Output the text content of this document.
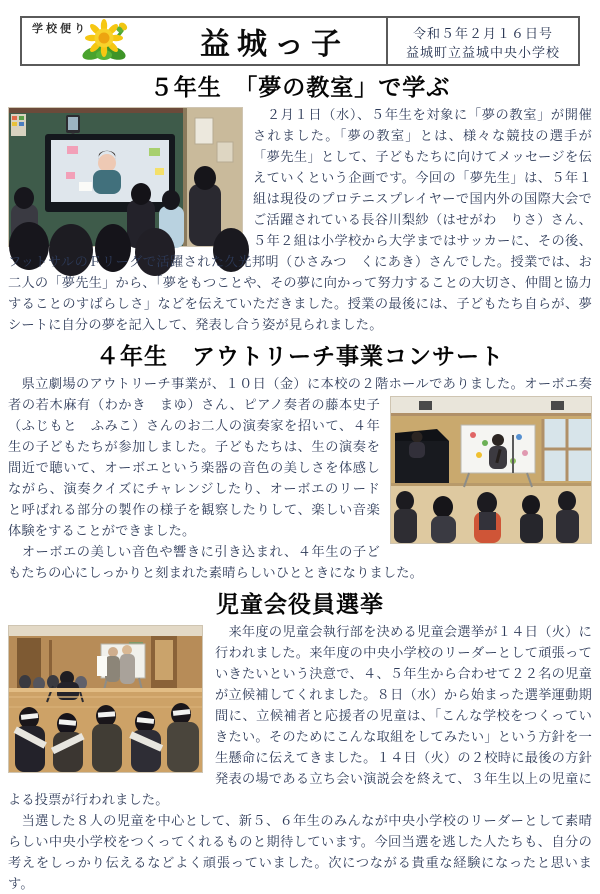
学校便り	益城っ子	令和５年２月１６日号
益城町立益城中央小学校
５年生　「夢の教室」で学ぶ

　２月１日（水）、５年生を対象に「夢の教室」が開催されました。「夢の教室」とは、様々な競技の選手が「夢先生」として、子どもたちに向けてメッセージを伝えていくという企画です。今回の「夢先生」は、５年１組は現役のプロテニスプレイヤーで国内外の国際大会でご活躍されている長谷川梨紗（はせがわ　りさ）さん、５年２組は小学校から大学まではサッカーに、その後、フットサルのＦリーグで活躍された久光邦明（ひさみつ　くにあき）さんでした。授業では、お二人の「夢先生」から、「夢をもつことや、その夢に向かって努力することの大切さ、仲間と協力することのすばらしさ」などを伝えていただきました。授業の最後には、子どもたち自らが、夢シートに自分の夢を記入して、発表し合う姿が見られました。

４年生　アウトリーチ事業コンサート

　県立劇場のアウトリーチ事業が、１０日（金）に本校の２階ホールでありました。オーボエ奏者
の若木麻有（わかき　まゆ）さん、ピアノ奏者の藤本史子（ふじもと　ふみこ）さんのお二人の演奏家を招いて、４年生の子どもたちが参加しました。子どもたちは、生の演奏を間近で聴いて、オーボエという楽器の音色の美しさを体感しながら、演奏クイズにチャレンジしたり、オーボエのリードと呼ばれる部分の製作の様子を観察したりして、楽しい音楽体験をすることができました。

　オーボエの美しい音色や響きに引き込まれ、４年生の子どもたちの心にしっかりと刻まれた素晴らしいひとときになりました。

児童会役員選挙

　来年度の児童会執行部を決める児童会選挙が１４日（火）に行われました。来年度の中央小学校のリーダーとして頑張っていきたいという決意で、４、５年生から合わせて２２名の児童が立候補してくれました。８日（水）から始まった選挙運動期間に、立候補者と応援者の児童は、「こんな学校をつくっていきたい。そのためにこんな取組をしてみたい」という方針を一生懸命に伝えてきました。１４日（火）の２校時に最後の方針発表の場である立ち会い演説会を終えて、３年生以上の児童による投票が行われました。

　当選した８人の児童を中心として、新５、６年生のみんなが中央小学校のリーダーとして素晴らしい中央小学校をつくってくれるものと期待しています。今回当選を逃した人たちも、自分の考えをしっかり伝えるなどよく頑張っていました。次につながる貴重な経験になったと思います。
